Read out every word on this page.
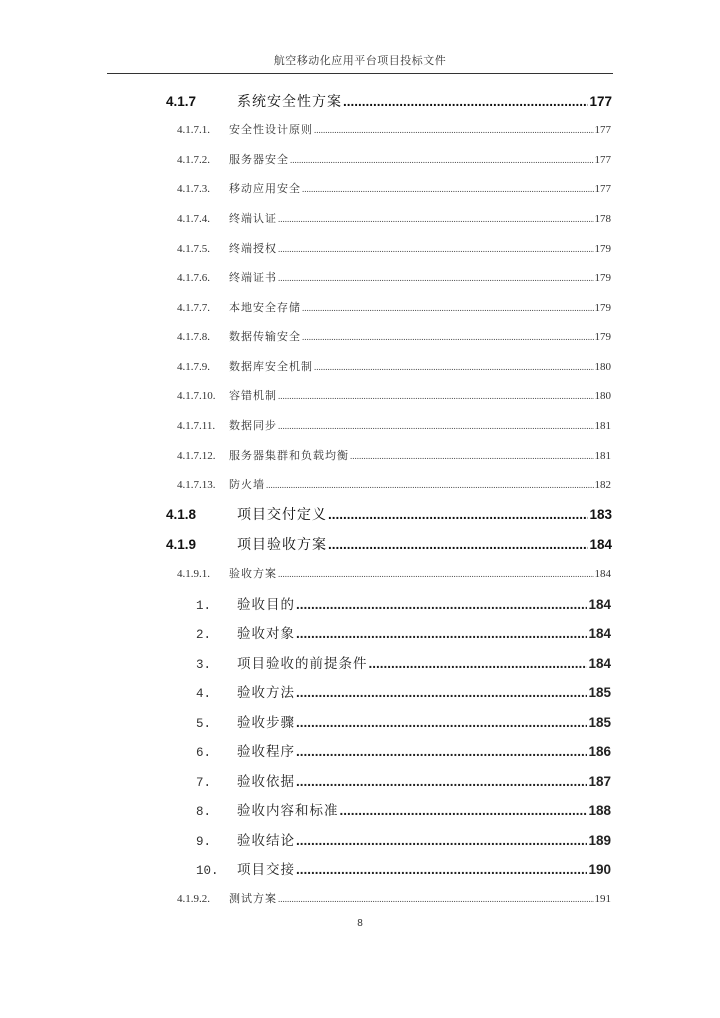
航空移动化应用平台项目投标文件
4.1.7	系统安全性方案 .....	177
4.1.7.1.	安全性设计原则 .....	177
4.1.7.2.	服务器安全 .....	177
4.1.7.3.	移动应用安全 .....	177
4.1.7.4.	终端认证 .....	178
4.1.7.5.	终端授权 .....	179
4.1.7.6.	终端证书 .....	179
4.1.7.7.	本地安全存储 .....	179
4.1.7.8.	数据传输安全 .....	179
4.1.7.9.	数据库安全机制 .....	180
4.1.7.10.	容错机制 .....	180
4.1.7.11.	数据同步 .....	181
4.1.7.12.	服务器集群和负载均衡 .....	181
4.1.7.13.	防火墙 .....	182
4.1.8	项目交付定义 .....	183
4.1.9	项目验收方案 .....	184
4.1.9.1.	验收方案 .....	184
1.	验收目的 .....	184
2.	验收对象 .....	184
3.	项目验收的前提条件 .....	184
4.	验收方法 .....	185
5.	验收步骤 .....	185
6.	验收程序 .....	186
7.	验收依据 .....	187
8.	验收内容和标准 .....	188
9.	验收结论 .....	189
10.	项目交接 .....	190
4.1.9.2.	测试方案 .....	191
8
